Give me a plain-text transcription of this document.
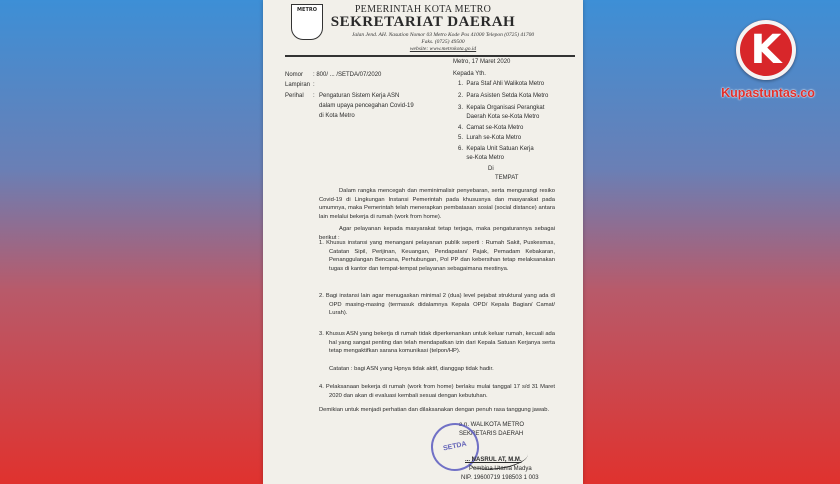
METRO	PEMERINTAH KOTA METRO
SEKRETARIAT DAERAH
Jalan Jend. AH. Nasution Nomor 03 Metro Kode Pos 41000 Telepon (0725) 41700
Faks. (0725) 49500
website: www.metrokota.go.id
Metro, 17 Maret 2020
Nomor : 800/ ... /SETDA/07/2020
Lampiran :
Perihal : Pengaturan Sistem Kerja ASN
dalam upaya pencegahan Covid-19
di Kota Metro
Kepada Yth.
1.  Para Staf Ahli Walikota Metro
2.  Para Asisten Setda Kota Metro
3.  Kepala Organisasi Perangkat
Daerah Kota se-Kota Metro
4.  Camat se-Kota Metro
5.  Lurah se-Kota Metro
6.  Kepala Unit Satuan Kerja
se-Kota Metro
Di
TEMPAT
Dalam rangka mencegah dan meminimalisir penyebaran, serta mengurangi resiko Covid-19 di Lingkungan Instansi Pemerintah pada khususnya dan masyarakat pada umumnya, maka Pemerintah telah menerapkan pembatasan sosial (social distance) antara lain melalui bekerja di rumah (work from home).
Agar pelayanan kepada masyarakat tetap terjaga, maka pengaturannya sebagai berikut :
1. Khusus instansi yang menangani pelayanan publik seperti : Rumah Sakit, Puskesmas, Catatan Sipil, Perijinan, Keuangan, Pendapatan/ Pajak, Pemadam Kebakaran, Penanggulangan Bencana, Perhubungan, Pol PP dan kebersihan tetap melaksanakan tugas di kantor dan tempat-tempat pelayanan sebagaimana mestinya.
2. Bagi instansi lain agar menugaskan minimal 2 (dua) level pejabat struktural yang ada di OPD masing-masing (termasuk didalamnya Kepala OPD/ Kepala Bagian/ Camat/ Lurah).
3. Khusus ASN yang bekerja di rumah tidak diperkenankan untuk keluar rumah, kecuali ada hal yang sangat penting dan telah mendapatkan izin dari Kepala Satuan Kerjanya serta tetap mengaktifkan sarana komunikasi (telpon/HP).
Catatan : bagi ASN yang Hpnya tidak aktif, dianggap tidak hadir.
4. Pelaksanaan bekerja di rumah (work from home) berlaku mulai tanggal 17 s/d 31 Maret 2020 dan akan di evaluasi kembali sesuai dengan kebutuhan.
Demikian untuk menjadi perhatian dan dilaksanakan dengan penuh rasa tanggung jawab.
a.n. WALIKOTA METRO
SEKRETARIS DAERAH
SETDA
... NASRUL AT, M.M.
Pembina Utama Madya
NIP. 19600719 198503 1 003
K
Kupastuntas.co
